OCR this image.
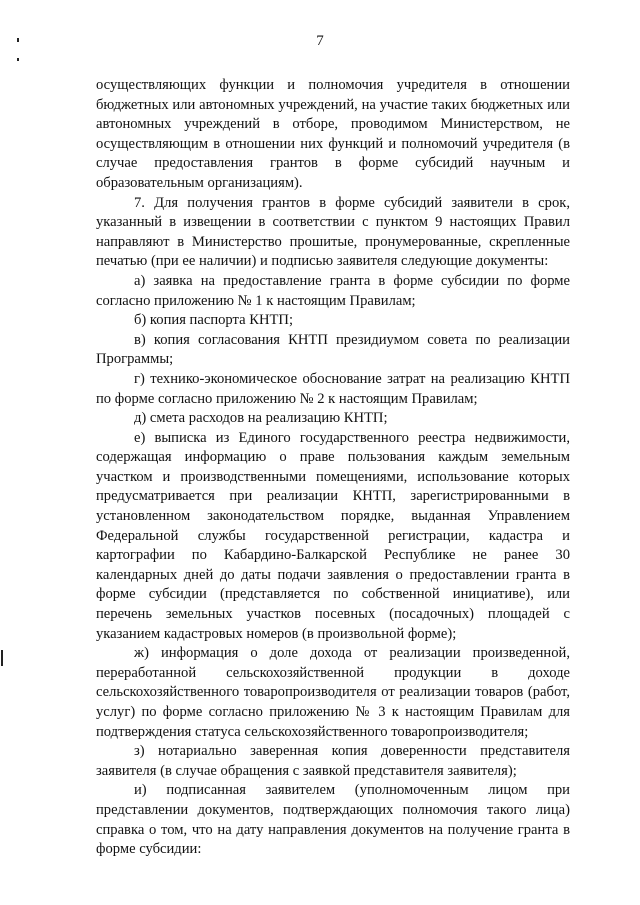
7

осуществляющих функции и полномочия учредителя в отношении бюджетных или автономных учреждений, на участие таких бюджетных или автономных учреждений в отборе, проводимом Министерством, не осуществляющим в отношении них функций и полномочий учредителя (в случае предоставления грантов в форме субсидий научным и образовательным организациям).

7. Для получения грантов в форме субсидий заявители в срок, указанный в извещении в соответствии с пунктом 9 настоящих Правил направляют в Министерство прошитые, пронумерованные, скрепленные печатью (при ее наличии) и подписью заявителя следующие документы:

а) заявка на предоставление гранта в форме субсидии по форме согласно приложению № 1 к настоящим Правилам;

б) копия паспорта КНТП;

в) копия согласования КНТП президиумом совета по реализации Программы;

г) технико-экономическое обоснование затрат на реализацию КНТП по форме согласно приложению № 2 к настоящим Правилам;

д) смета расходов на реализацию КНТП;

е) выписка из Единого государственного реестра недвижимости, содержащая информацию о праве пользования каждым земельным участком и производственными помещениями, использование которых предусматривается при реализации КНТП, зарегистрированными в установленном законодательством порядке, выданная Управлением Федеральной службы государственной регистрации, кадастра и картографии по Кабардино-Балкарской Республике не ранее 30 календарных дней до даты подачи заявления о предоставлении гранта в форме субсидии (представляется по собственной инициативе), или перечень земельных участков посевных (посадочных) площадей с указанием кадастровых номеров (в произвольной форме);

ж) информация о доле дохода от реализации произведенной, переработанной сельскохозяйственной продукции в доходе сельскохозяйственного товаропроизводителя от реализации товаров (работ, услуг) по форме согласно приложению № 3 к настоящим Правилам для подтверждения статуса сельскохозяйственного товаропроизводителя;

з) нотариально заверенная копия доверенности представителя заявителя (в случае обращения с заявкой представителя заявителя);

и) подписанная заявителем (уполномоченным лицом при представлении документов, подтверждающих полномочия такого лица) справка о том, что на дату направления документов на получение гранта в форме субсидии:
